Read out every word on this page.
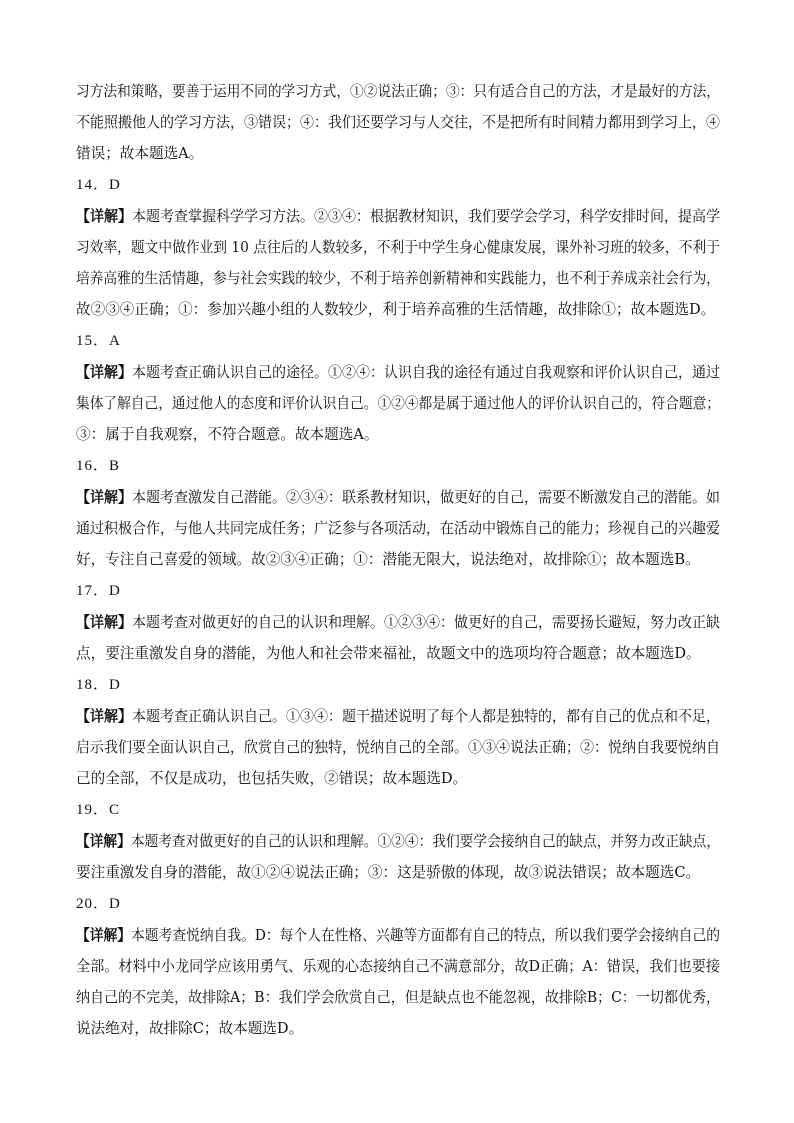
习方法和策略，要善于运用不同的学习方式，①②说法正确；③：只有适合自己的方法，才是最好的方法，
不能照搬他人的学习方法，③错误；④：我们还要学习与人交往，不是把所有时间精力都用到学习上，④
错误；故本题选A。
14．D
【详解】本题考查掌握科学学习方法。②③④：根据教材知识，我们要学会学习，科学安排时间，提高学
习效率，题文中做作业到 10 点往后的人数较多，不利于中学生身心健康发展，课外补习班的较多，不利于
培养高雅的生活情趣，参与社会实践的较少，不利于培养创新精神和实践能力，也不利于养成亲社会行为，
故②③④正确；①：参加兴趣小组的人数较少，利于培养高雅的生活情趣，故排除①；故本题选D。
15．A
【详解】本题考查正确认识自己的途径。①②④：认识自我的途径有通过自我观察和评价认识自己，通过
集体了解自己，通过他人的态度和评价认识自己。①②④都是属于通过他人的评价认识自己的，符合题意；
③：属于自我观察，不符合题意。故本题选A。
16．B
【详解】本题考查激发自己潜能。②③④：联系教材知识，做更好的自己，需要不断激发自己的潜能。如
通过积极合作，与他人共同完成任务；广泛参与各项活动，在活动中锻炼自己的能力；珍视自己的兴趣爱
好，专注自己喜爱的领域。故②③④正确；①：潜能无限大，说法绝对，故排除①；故本题选B。
17．D
【详解】本题考查对做更好的自己的认识和理解。①②③④：做更好的自己，需要扬长避短，努力改正缺
点，要注重激发自身的潜能，为他人和社会带来福祉，故题文中的选项均符合题意；故本题选D。
18．D
【详解】本题考查正确认识自己。①③④：题干描述说明了每个人都是独特的，都有自己的优点和不足，
启示我们要全面认识自己，欣赏自己的独特，悦纳自己的全部。①③④说法正确；②：悦纳自我要悦纳自
己的全部，不仅是成功，也包括失败，②错误；故本题选D。
19．C
【详解】本题考查对做更好的自己的认识和理解。①②④：我们要学会接纳自己的缺点，并努力改正缺点，
要注重激发自身的潜能，故①②④说法正确；③：这是骄傲的体现，故③说法错误；故本题选C。
20．D
【详解】本题考查悦纳自我。D：每个人在性格、兴趣等方面都有自己的特点，所以我们要学会接纳自己的
全部。材料中小龙同学应该用勇气、乐观的心态接纳自己不满意部分，故D正确；A：错误，我们也要接
纳自己的不完美，故排除A；B：我们学会欣赏自己，但是缺点也不能忽视，故排除B；C：一切都优秀，
说法绝对，故排除C；故本题选D。
